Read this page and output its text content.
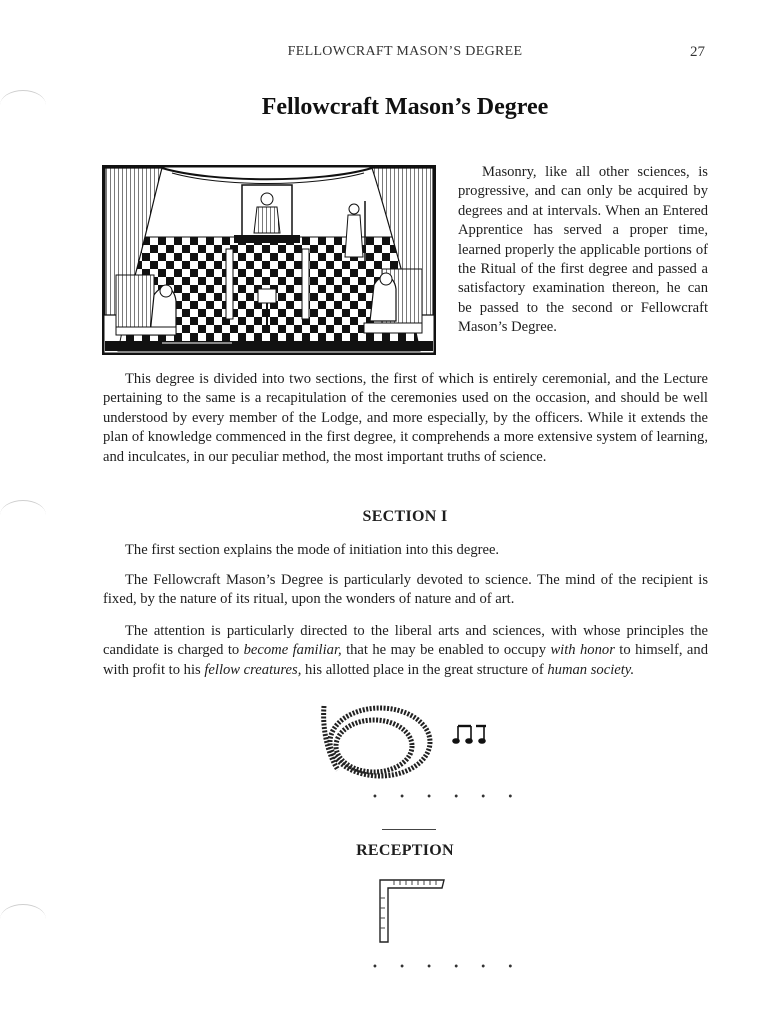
FELLOWCRAFT MASON’S DEGREE	27
Fellowcraft Mason’s Degree

Masonry, like all other sciences, is progressive, and can only be acquired by degrees and at intervals. When an Entered Apprentice has served a proper time, learned properly the applicable portions of the Ritual of the first degree and passed a satisfactory examination thereon, he can be passed to the second or Fellowcraft Mason’s Degree.

This degree is divided into two sections, the first of which is entirely ceremonial, and the Lecture pertaining to the same is a recapitulation of the ceremonies used on the occasion, and should be well understood by every member of the Lodge, and more especially, by the officers. While it extends the plan of knowledge commenced in the first degree, it comprehends a more extensive system of learning, and inculcates, in our peculiar method, the most important truths of science.

SECTION I

The first section explains the mode of initiation into this degree.

The Fellowcraft Mason’s Degree is particularly devoted to science. The mind of the recipient is fixed, by the nature of its ritual, upon the wonders of nature and of art.

The attention is particularly directed to the liberal arts and sciences, with whose principles the candidate is charged to become familiar, that he may be enabled to occupy with honor to himself, and with profit to his fellow creatures, his allotted place in the great structure of human society.

• • • • • •
RECEPTION
• • • • • •
